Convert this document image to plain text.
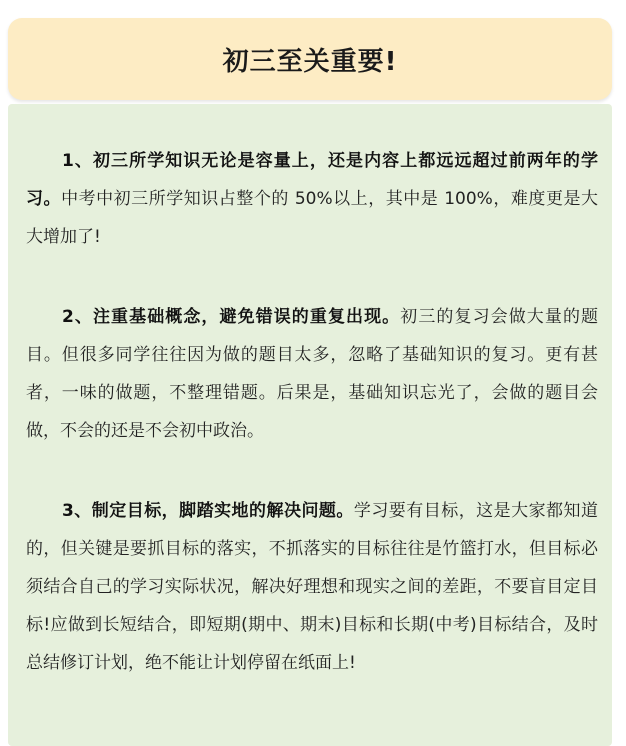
初三至关重要!

1、初三所学知识无论是容量上，还是内容上都远远超过前两年的学习。中考中初三所学知识占整个的 50%以上，其中是 100%，难度更是大大增加了!

2、注重基础概念，避免错误的重复出现。初三的复习会做大量的题目。但很多同学往往因为做的题目太多，忽略了基础知识的复习。更有甚者，一味的做题，不整理错题。后果是，基础知识忘光了，会做的题目会做，不会的还是不会初中政治。

3、制定目标，脚踏实地的解决问题。学习要有目标，这是大家都知道的，但关键是要抓目标的落实，不抓落实的目标往往是竹篮打水，但目标必须结合自己的学习实际状况，解决好理想和现实之间的差距，不要盲目定目标!应做到长短结合，即短期(期中、期末)目标和长期(中考)目标结合，及时总结修订计划，绝不能让计划停留在纸面上!
